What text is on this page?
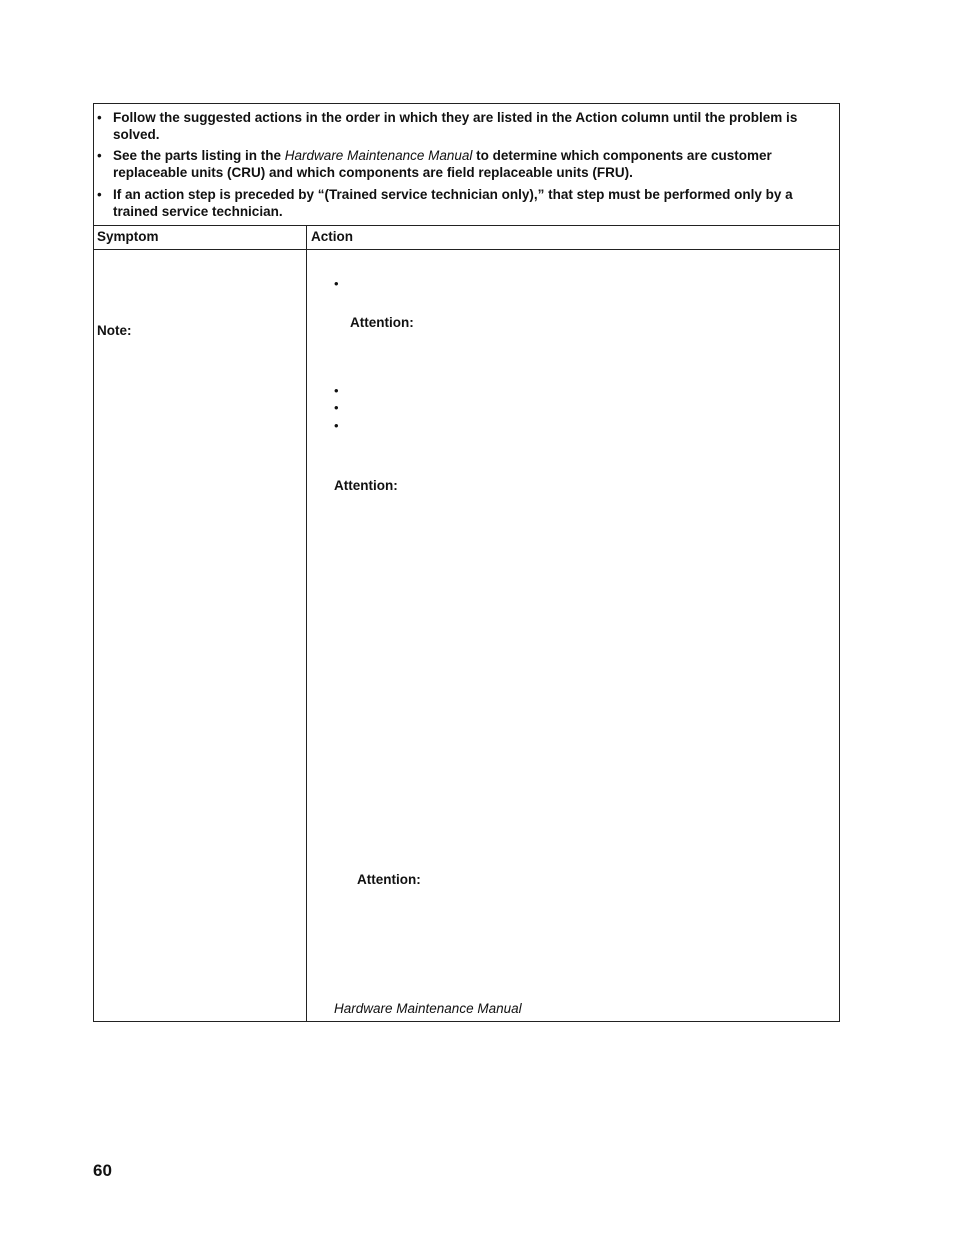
• Follow the suggested actions in the order in which they are listed in the Action column until the problem is solved.
• See the parts listing in the Hardware Maintenance Manual to determine which components are customer replaceable units (CRU) and which components are field replaceable units (FRU).
• If an action step is preceded by “(Trained service technician only),” that step must be performed only by a trained service technician.
Symptom	Action
Note:
•
Attention:
•
•
•
Attention:
Attention:
Hardware Maintenance Manual
60
